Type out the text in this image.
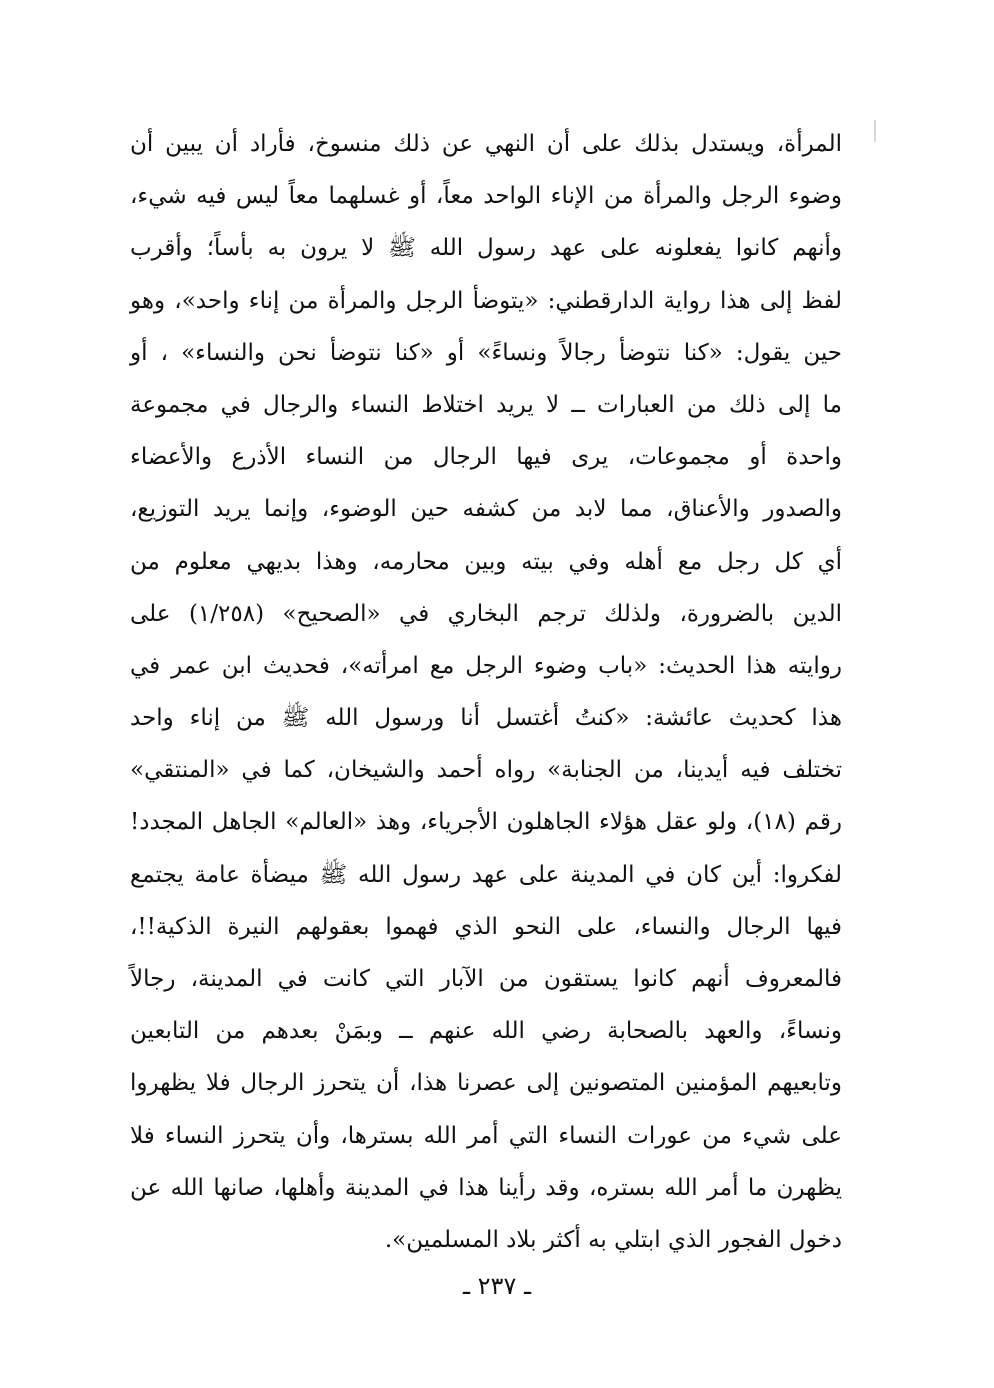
المرأة، ويستدل بذلك على أن النهي عن ذلك منسوخ، فأراد أن يبين أن
وضوء الرجل والمرأة من الإناء الواحد معاً، أو غسلهما معاً ليس فيه شيء،
وأنهم كانوا يفعلونه على عهد رسول الله ﷺ لا يرون به بأساً؛ وأقرب
لفظ إلى هذا رواية الدارقطني: «يتوضأ الرجل والمرأة من إناء واحد»، وهو
حين يقول: «كنا نتوضأ رجالاً ونساءً» أو «كنا نتوضأ نحن والنساء» ، أو
ما إلى ذلك من العبارات ــ لا يريد اختلاط النساء والرجال في مجموعة
واحدة أو مجموعات، يرى فيها الرجال من النساء الأذرع والأعضاء
والصدور والأعناق، مما لابد من كشفه حين الوضوء، وإنما يريد التوزيع،
أي كل رجل مع أهله وفي بيته وبين محارمه، وهذا بديهي معلوم من
الدين بالضرورة، ولذلك ترجم البخاري في «الصحيح» (١/٢٥٨) على
روايته هذا الحديث: «باب وضوء الرجل مع امرأته»، فحديث ابن عمر في
هذا كحديث عائشة: «كنتُ أغتسل أنا ورسول الله ﷺ من إناء واحد
تختلف فيه أيدينا، من الجنابة» رواه أحمد والشيخان، كما في «المنتقي»
رقم (١٨)، ولو عقل هؤلاء الجاهلون الأجرياء، وهذ «العالم» الجاهل المجدد!
لفكروا: أين كان في المدينة على عهد رسول الله ﷺ ميضأة عامة يجتمع
فيها الرجال والنساء، على النحو الذي فهموا بعقولهم النيرة الذكية!!،
فالمعروف أنهم كانوا يستقون من الآبار التي كانت في المدينة، رجالاً
ونساءً، والعهد بالصحابة رضي الله عنهم ــ وبمَنْ بعدهم من التابعين
وتابعيهم المؤمنين المتصونين إلى عصرنا هذا، أن يتحرز الرجال فلا يظهروا
على شيء من عورات النساء التي أمر الله بسترها، وأن يتحرز النساء فلا
يظهرن ما أمر الله بستره، وقد رأينا هذا في المدينة وأهلها، صانها الله عن
دخول الفجور الذي ابتلي به أكثر بلاد المسلمين».
ـ ٢٣٧ ـ
